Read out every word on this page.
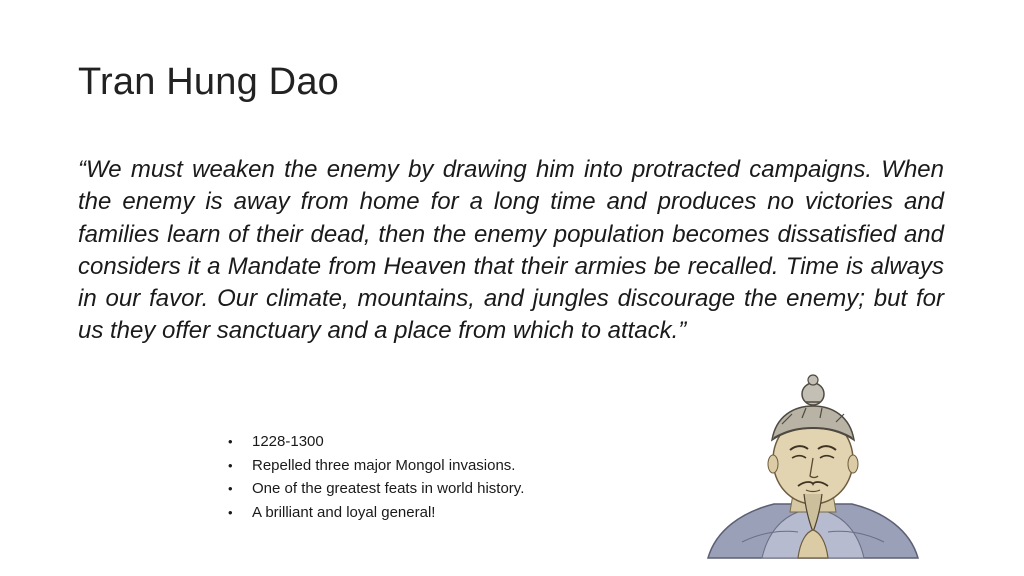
Tran Hung Dao

“We must weaken the enemy by drawing him into protracted campaigns. When the enemy is away from home for a long time and produces no victories and families learn of their dead, then the enemy population becomes dissatisfied and considers it a Mandate from Heaven that their armies be recalled. Time is always in our favor. Our climate, mountains, and jungles discourage the enemy; but for us they offer sanctuary and a place from which to attack.”

• 1228-1300
• Repelled three major Mongol invasions.
• One of the greatest feats in world history.
• A brilliant and loyal general!
